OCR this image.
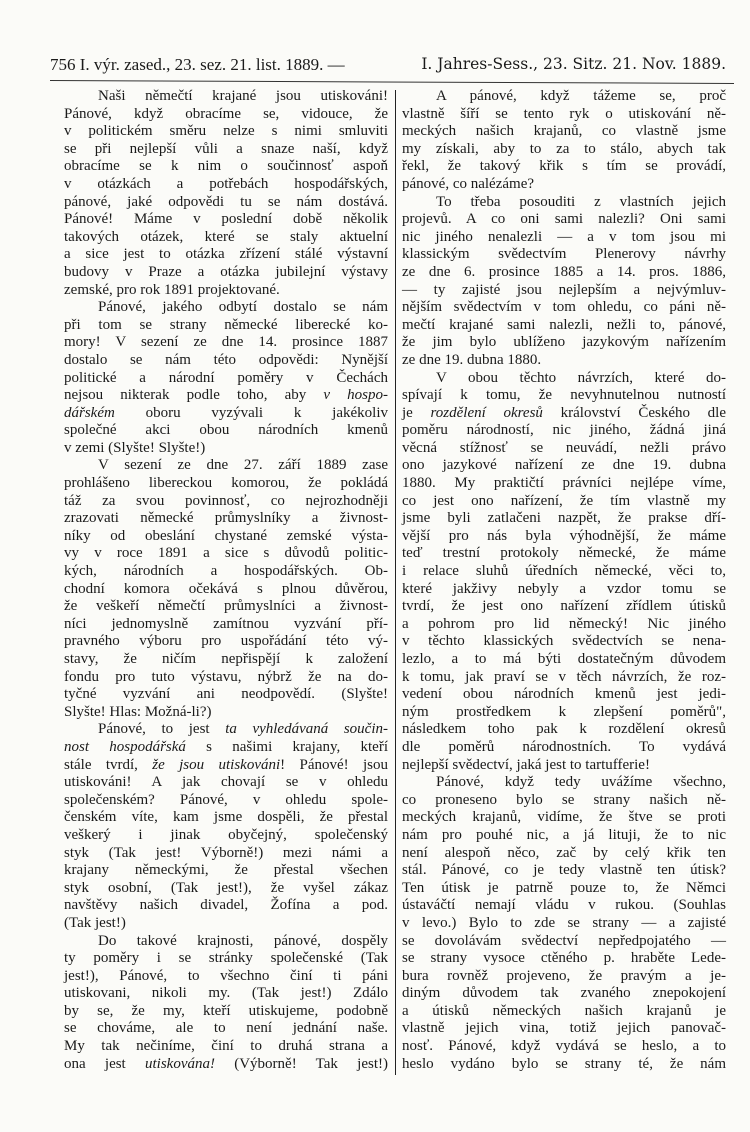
756 I. výr. zased., 23. sez. 21. list. 1889. —	I. Jahres-Sess., 23. Sitz. 21. Nov. 1889.
Naši němečtí krajané jsou utiskováni!
Pánové, když obracíme se, vidouce, že
v politickém směru nelze s nimi smluviti
se při nejlepší vůli a snaze naší, když
obracíme se k nim o součinnosť aspoň
v otázkách a potřebách hospodářských,
pánové, jaké odpovědi tu se nám dostává.
Pánové! Máme v poslední době několik
takových otázek, které se staly aktuelní
a sice jest to otázka zřízení stálé výstavní
budovy v Praze a otázka jubilejní výstavy
zemské, pro rok 1891 projektované.
Pánové, jakého odbytí dostalo se nám
při tom se strany německé liberecké ko-
mory! V sezení ze dne 14. prosince 1887
dostalo se nám této odpovědi: Nynější
politické a národní poměry v Čechách
nejsou nikterak podle toho, aby v hospo-
dářském oboru vyzývali k jakékoliv
společné akci obou národních kmenů
v zemi (Slyšte! Slyšte!)
V sezení ze dne 27. září 1889 zase
prohlášeno libereckou komorou, že pokládá
táž za svou povinnosť, co nejrozhodněji
zrazovati německé průmyslníky a živnost-
níky od obeslání chystané zemské výsta-
vy v roce 1891 a sice s důvodů politic-
kých, národních a hospodářských. Ob-
chodní komora očekává s plnou důvěrou,
že veškeří němečtí průmyslníci a živnost-
níci jednomyslně zamítnou vyzvání pří-
pravného výboru pro uspořádání této vý-
stavy, že ničím nepřispějí k založení
fondu pro tuto výstavu, nýbrž že na do-
tyčné vyzvání ani neodpovědí. (Slyšte!
Slyšte! Hlas: Možná-li?)
Pánové, to jest ta vyhledávaná součin-
nost hospodářská s našimi krajany, kteří
stále tvrdí, že jsou utiskováni! Pánové! jsou
utiskováni! A jak chovají se v ohledu
společenském? Pánové, v ohledu spole-
čenském víte, kam jsme dospěli, že přestal
veškerý i jinak obyčejný, společenský
styk (Tak jest! Výborně!) mezi námi a
krajany německými, že přestal všechen
styk osobní, (Tak jest!), že vyšel zákaz
navštěvy našich divadel, Žofína a pod.
(Tak jest!)
Do takové krajnosti, pánové, dospěly
ty poměry i se stránky společenské (Tak
jest!), Pánové, to všechno činí ti páni
utiskovani, nikoli my. (Tak jest!) Zdálo
by se, že my, kteří utiskujeme, podobně
se chováme, ale to není jednání naše.
My tak nečiníme, činí to druhá strana a
ona jest utiskována! (Výborně! Tak jest!)
A pánové, když tážeme se, proč
vlastně šíří se tento ryk o utiskování ně-
meckých našich krajanů, co vlastně jsme
my získali, aby to za to stálo, abych tak
řekl, že takový křik s tím se provádí,
pánové, co nalézáme?
To třeba posouditi z vlastních jejich
projevů. A co oni sami nalezli? Oni sami
nic jiného nenalezli — a v tom jsou mi
klassickým svědectvím Plenerovy návrhy
ze dne 6. prosince 1885 a 14. pros. 1886,
— ty zajisté jsou nejlepším a nejvýmluv-
nějším svědectvím v tom ohledu, co páni ně-
mečtí krajané sami nalezli, nežli to, pánové,
že jim bylo ublíženo jazykovým nařízením
ze dne 19. dubna 1880.
V obou těchto návrzích, které do-
spívají k tomu, že nevyhnutelnou nutností
je rozdělení okresů království Českého dle
poměru národností, nic jiného, žádná jiná
věcná stížnosť se neuvádí, nežli právo
ono jazykové nařízení ze dne 19. dubna
1880. My praktičtí právníci nejlépe víme,
co jest ono nařízení, že tím vlastně my
jsme byli zatlačeni nazpět, že prakse dří-
vější pro nás byla výhodnější, že máme
teď trestní protokoly německé, že máme
i relace sluhů úředních německé, věci to,
které jakživy nebyly a vzdor tomu se
tvrdí, že jest ono nařízení zřídlem útisků
a pohrom pro lid německý! Nic jiného
v těchto klassických svědectvích se nena-
lezlo, a to má býti dostatečným důvodem
k tomu, jak praví se v těch návrzích, že roz-
vedení obou národních kmenů jest jedi-
ným prostředkem k zlepšení poměrů",
následkem toho pak k rozdělení okresů
dle poměrů národnostních. To vydává
nejlepší svědectví, jaká jest to tartufferie!
Pánové, když tedy uvážíme všechno,
co proneseno bylo se strany našich ně-
meckých krajanů, vidíme, že štve se proti
nám pro pouhé nic, a já lituji, že to nic
není alespoň něco, zač by celý křik ten
stál. Pánové, co je tedy vlastně ten útisk?
Ten útisk je patrně pouze to, že Němci
ústaváčtí nemají vládu v rukou. (Souhlas
v levo.) Bylo to zde se strany — a zajisté
se dovolávám svědectví nepředpojatého —
se strany vysoce ctěného p. hraběte Lede-
bura rovněž projeveno, že pravým a je-
diným důvodem tak zvaného znepokojení
a útisků německých našich krajanů je
vlastně jejich vina, totiž jejich panovač-
nosť. Pánové, když vydává se heslo, a to
heslo vydáno bylo se strany té, že nám
